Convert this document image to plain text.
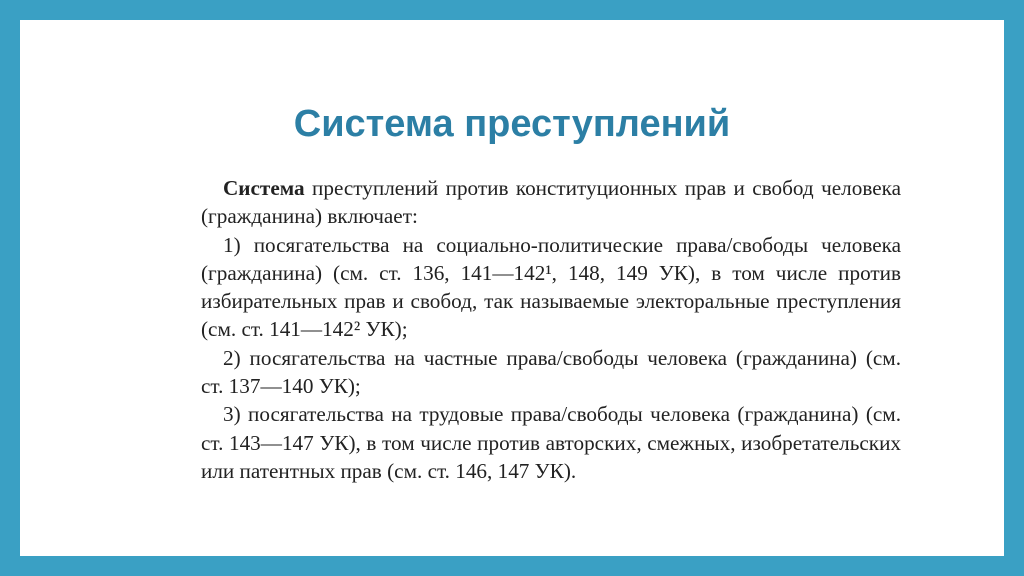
Система преступлений

Система преступлений против конституционных прав и свобод человека (гражданина) включает:

1) посягательства на социально-политические права/свободы человека (гражданина) (см. ст. 136, 141—142¹, 148, 149 УК), в том числе против избирательных прав и свобод, так называемые электоральные преступления (см. ст. 141—142² УК);

2) посягательства на частные права/свободы человека (гражданина) (см. ст. 137—140 УК);

3) посягательства на трудовые права/свободы человека (гражданина) (см. ст. 143—147 УК), в том числе против авторских, смежных, изобретательских или патентных прав (см. ст. 146, 147 УК).
